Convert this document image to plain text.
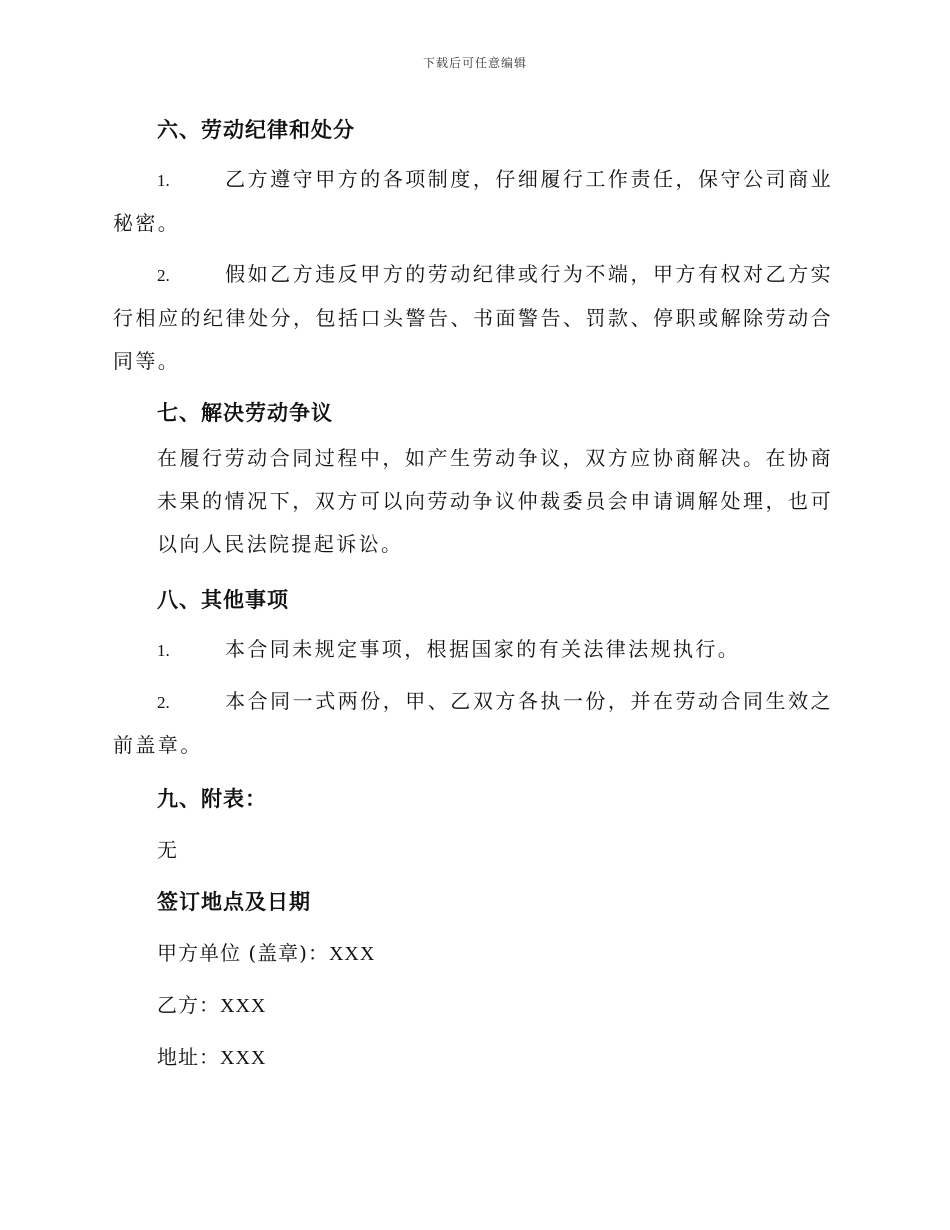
下载后可任意编辑
六、劳动纪律和处分
1.	乙方遵守甲方的各项制度，仔细履行工作责任，保守公司商业秘密。
2.	假如乙方违反甲方的劳动纪律或行为不端，甲方有权对乙方实行相应的纪律处分，包括口头警告、书面警告、罚款、停职或解除劳动合同等。
七、解决劳动争议
在履行劳动合同过程中，如产生劳动争议，双方应协商解决。在协商未果的情况下，双方可以向劳动争议仲裁委员会申请调解处理，也可以向人民法院提起诉讼。
八、其他事项
1.	本合同未规定事项，根据国家的有关法律法规执行。
2.	本合同一式两份，甲、乙双方各执一份，并在劳动合同生效之前盖章。
九、附表：
无
签订地点及日期
甲方单位 (盖章)：XXX
乙方：XXX
地址：XXX
